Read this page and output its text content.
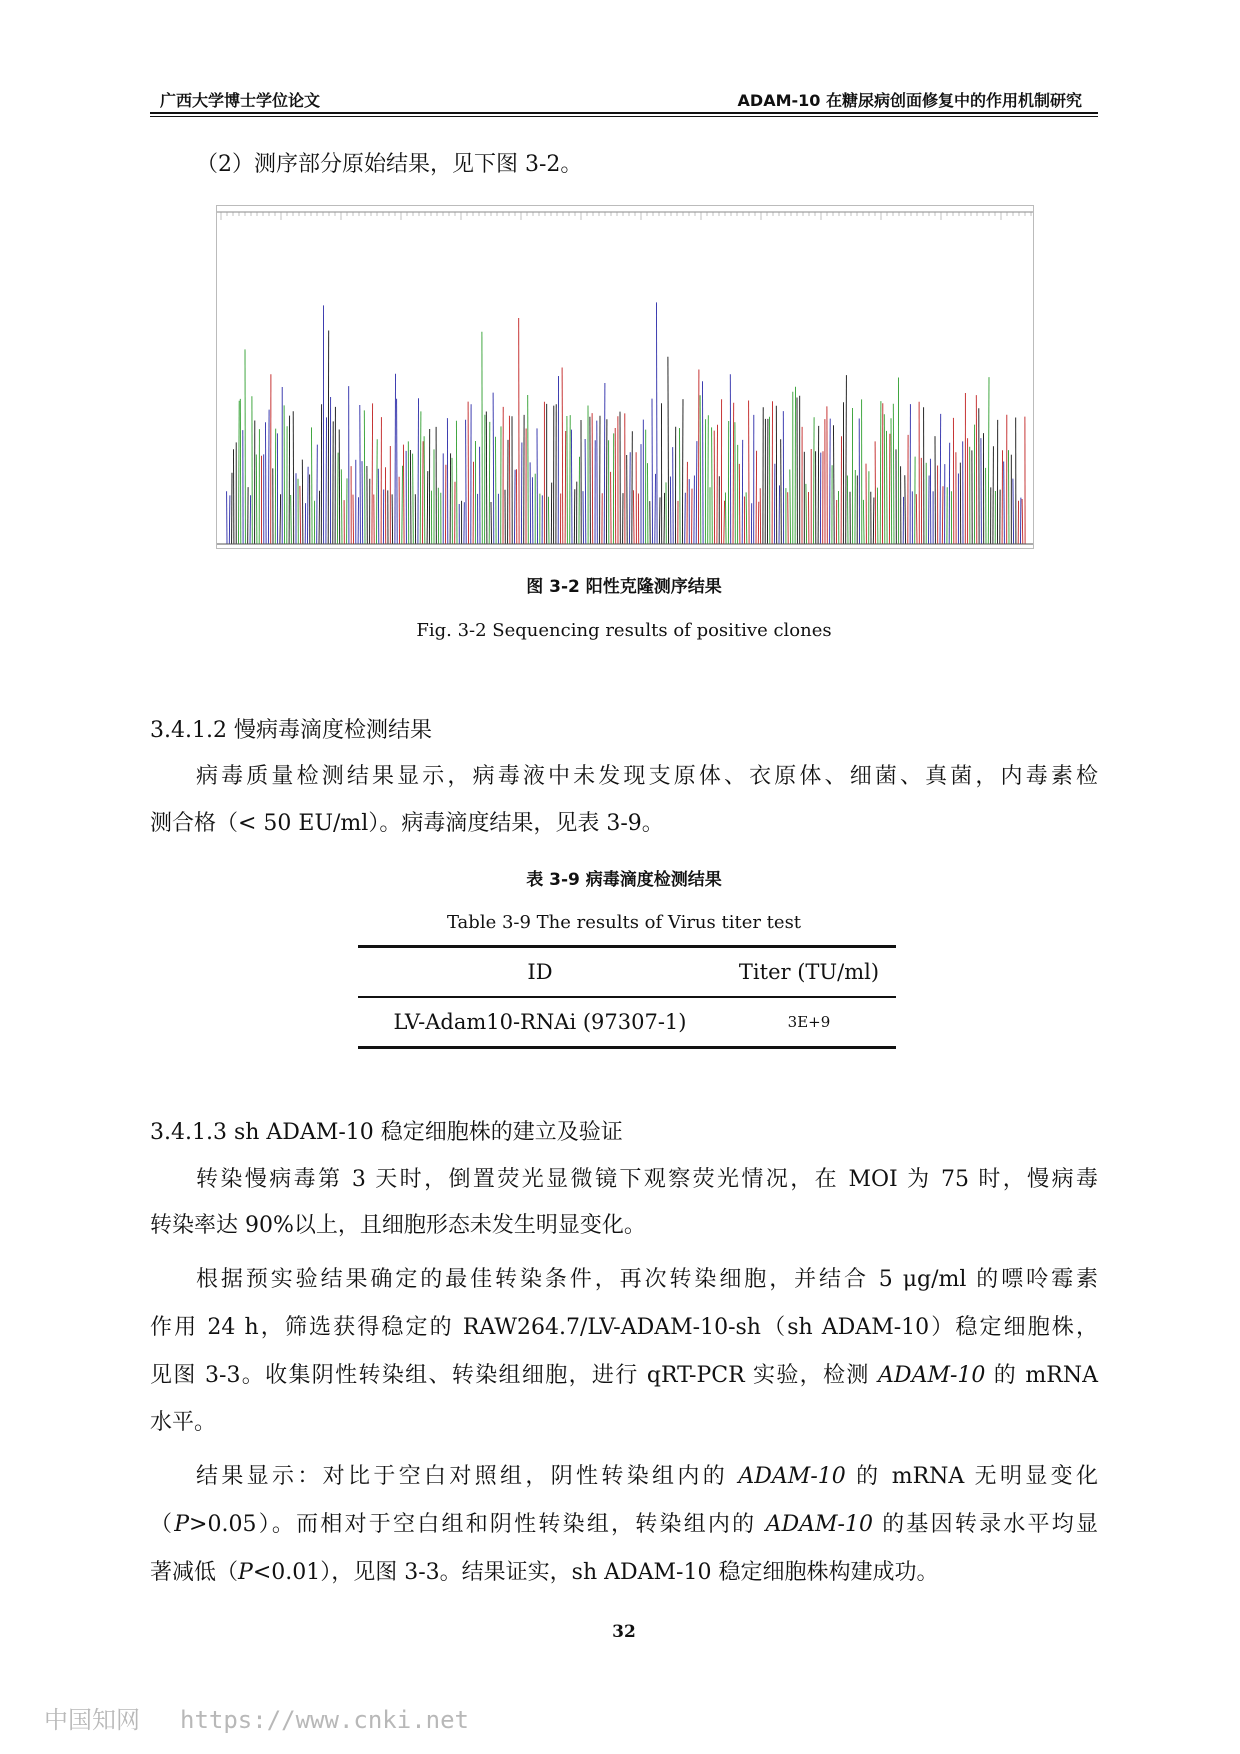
广西大学博士学位论文	ADAM-10 在糖尿病创面修复中的作用机制研究
（2）测序部分原始结果，见下图 3-2。
图 3-2 阳性克隆测序结果
Fig. 3-2 Sequencing results of positive clones
3.4.1.2 慢病毒滴度检测结果
病毒质量检测结果显示，病毒液中未发现支原体、衣原体、细菌、真菌，内毒素检
测合格（< 50 EU/ml）。病毒滴度结果，见表 3-9。
表 3-9 病毒滴度检测结果
Table 3-9 The results of Virus titer test
ID	Titer (TU/ml)
LV-Adam10-RNAi (97307-1)	3E+9
3.4.1.3 sh ADAM-10 稳定细胞株的建立及验证
转染慢病毒第 3 天时，倒置荧光显微镜下观察荧光情况，在 MOI 为 75 时，慢病毒
转染率达 90%以上，且细胞形态未发生明显变化。
根据预实验结果确定的最佳转染条件，再次转染细胞，并结合 5 μg/ml 的嘌呤霉素
作用 24 h，筛选获得稳定的 RAW264.7/LV-ADAM-10-sh（sh ADAM-10）稳定细胞株，
见图 3-3。收集阴性转染组、转染组细胞，进行 qRT-PCR 实验，检测 ADAM-10 的 mRNA
水平。
结果显示：对比于空白对照组，阴性转染组内的 ADAM-10 的 mRNA 无明显变化
（P>0.05）。而相对于空白组和阴性转染组，转染组内的 ADAM-10 的基因转录水平均显
著减低（P<0.01），见图 3-3。结果证实，sh ADAM-10 稳定细胞株构建成功。
32
中国知网 https://www.cnki.net
